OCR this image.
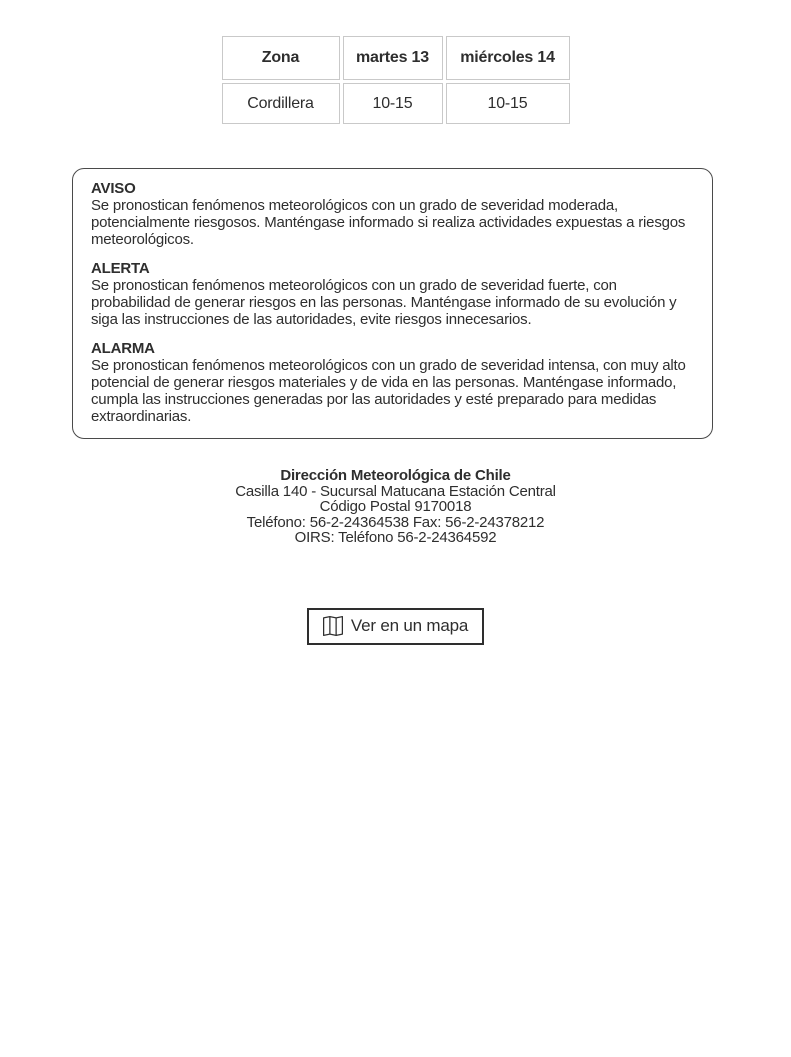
Zona	martes 13	miércoles 14
Cordillera	10-15	10-15
AVISO

Se pronostican fenómenos meteorológicos con un grado de severidad moderada, potencialmente riesgosos. Manténgase informado si realiza actividades expuestas a riesgos meteorológicos.

ALERTA

Se pronostican fenómenos meteorológicos con un grado de severidad fuerte, con probabilidad de generar riesgos en las personas. Manténgase informado de su evolución y siga las instrucciones de las autoridades, evite riesgos innecesarios.

ALARMA

Se pronostican fenómenos meteorológicos con un grado de severidad intensa, con muy alto potencial de generar riesgos materiales y de vida en las personas. Manténgase informado, cumpla las instrucciones generadas por las autoridades y esté preparado para medidas extraordinarias.

Dirección Meteorológica de Chile
Casilla 140 - Sucursal Matucana Estación Central
Código Postal 9170018
Teléfono: 56-2-24364538 Fax: 56-2-24378212
OIRS: Teléfono 56-2-24364592
Ver en un mapa
